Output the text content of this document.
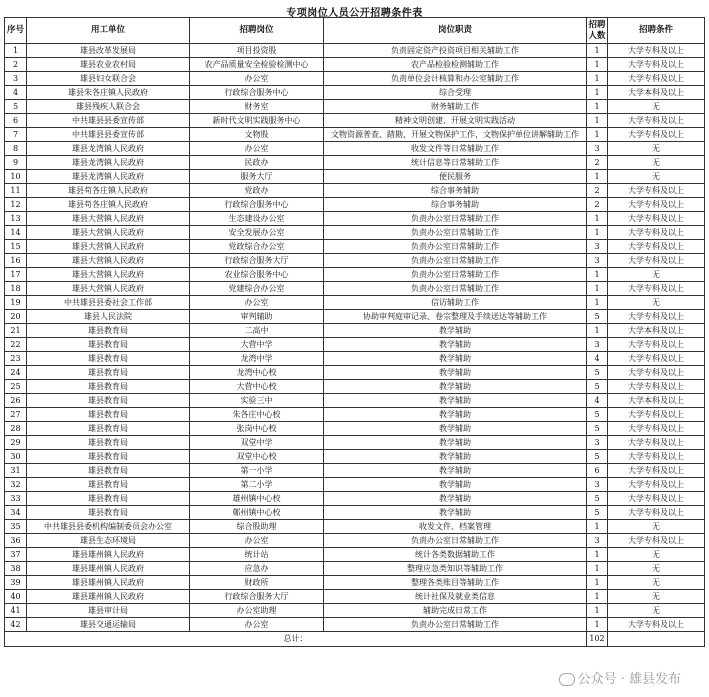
专项岗位人员公开招聘条件表
序号	用工单位	招聘岗位	岗位职责	招聘人数	招聘条件
1	雄县改革发展局	项目投资股	负责固定资产投资项目相关辅助工作	1	大学专科及以上
2	雄县农业农村局	农产品质量安全检验检测中心	农产品检验检测辅助工作	1	大学专科及以上
3	雄县妇女联合会	办公室	负责单位会计核算和办公室辅助工作	1	大学专科及以上
4	雄县朱各庄镇人民政府	行政综合服务中心	综合受理	1	大学本科及以上
5	雄县残疾人联合会	财务室	财务辅助工作	1	无
6	中共雄县县委宣传部	新时代文明实践服务中心	精神文明创建、开展文明实践活动	1	大学专科及以上
7	中共雄县县委宣传部	文物股	文物资源普查、踏勘，开展文物保护工作，文物保护单位讲解辅助工作	1	大学专科及以上
8	雄县龙湾镇人民政府	办公室	收发文件等日常辅助工作	3	无
9	雄县龙湾镇人民政府	民政办	统计信息等日常辅助工作	2	无
10	雄县龙湾镇人民政府	服务大厅	便民服务	1	无
11	雄县苟各庄镇人民政府	党政办	综合事务辅助	2	大学专科及以上
12	雄县苟各庄镇人民政府	行政综合服务中心	综合事务辅助	2	大学专科及以上
13	雄县大营镇人民政府	生态建设办公室	负责办公室日常辅助工作	1	大学专科及以上
14	雄县大营镇人民政府	安全发展办公室	负责办公室日常辅助工作	1	大学专科及以上
15	雄县大营镇人民政府	党政综合办公室	负责办公室日常辅助工作	3	大学专科及以上
16	雄县大营镇人民政府	行政综合服务大厅	负责办公室日常辅助工作	3	大学专科及以上
17	雄县大营镇人民政府	农业综合服务中心	负责办公室日常辅助工作	1	无
18	雄县大营镇人民政府	党建综合办公室	负责办公室日常辅助工作	1	大学专科及以上
19	中共雄县县委社会工作部	办公室	信访辅助工作	1	无
20	雄县人民法院	审判辅助	协助审判庭审记录、卷宗整理及手续送达等辅助工作	5	大学专科及以上
21	雄县教育局	二高中	教学辅助	1	大学本科及以上
22	雄县教育局	大营中学	教学辅助	3	大学专科及以上
23	雄县教育局	龙湾中学	教学辅助	4	大学专科及以上
24	雄县教育局	龙湾中心校	教学辅助	5	大学专科及以上
25	雄县教育局	大营中心校	教学辅助	5	大学专科及以上
26	雄县教育局	实验三中	教学辅助	4	大学本科及以上
27	雄县教育局	朱各庄中心校	教学辅助	5	大学专科及以上
28	雄县教育局	张岗中心校	教学辅助	5	大学专科及以上
29	雄县教育局	双堂中学	教学辅助	3	大学专科及以上
30	雄县教育局	双堂中心校	教学辅助	5	大学专科及以上
31	雄县教育局	第一小学	教学辅助	6	大学专科及以上
32	雄县教育局	第二小学	教学辅助	3	大学专科及以上
33	雄县教育局	雄州镇中心校	教学辅助	5	大学专科及以上
34	雄县教育局	鄚州镇中心校	教学辅助	5	大学专科及以上
35	中共雄县县委机构编制委员会办公室	综合股助理	收发文件、档案管理	1	无
36	雄县生态环境局	办公室	负责办公室日常辅助工作	3	大学专科及以上
37	雄县雄州镇人民政府	统计站	统计各类数据辅助工作	1	无
38	雄县雄州镇人民政府	应急办	整理应急类知识等辅助工作	1	无
39	雄县雄州镇人民政府	财政所	整理各类账目等辅助工作	1	无
40	雄县雄州镇人民政府	行政综合服务大厅	统计社保及就业类信息	1	无
41	雄县审计局	办公室助理	辅助完成日常工作	1	无
42	雄县交通运输局	办公室	负责办公室日常辅助工作	1	大学专科及以上
总计：				102	
公众号 · 雄县发布
